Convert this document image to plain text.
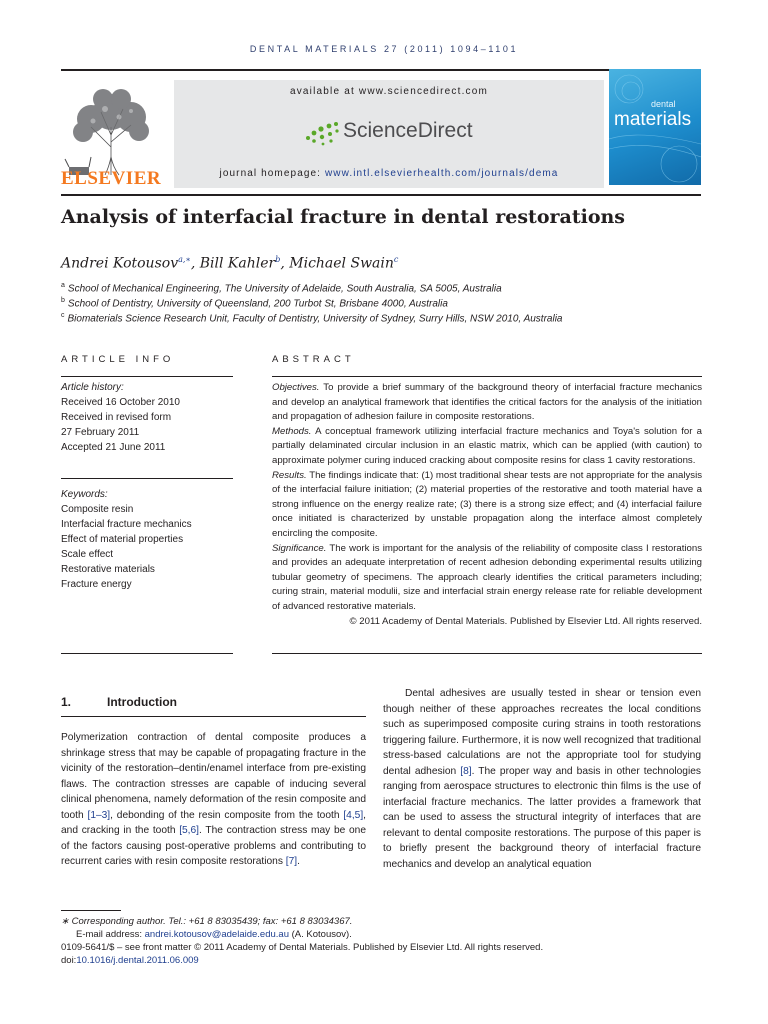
DENTAL MATERIALS 27 (2011) 1094–1101
ELSEVIER
available at www.sciencedirect.com
ScienceDirect
journal homepage: www.intl.elsevierhealth.com/journals/dema
dental
materials
Analysis of interfacial fracture in dental restorations
Andrei Kotousov$^{a,∗}$, Bill Kahler$^b$, Michael Swain$^c$
$^a$ School of Mechanical Engineering, The University of Adelaide, South Australia, SA 5005, Australia
$^b$ School of Dentistry, University of Queensland, 200 Turbot St, Brisbane 4000, Australia
$^c$ Biomaterials Science Research Unit, Faculty of Dentistry, University of Sydney, Surry Hills, NSW 2010, Australia
ARTICLE INFO
Article history:
Received 16 October 2010
Received in revised form
27 February 2011
Accepted 21 June 2011
Keywords:
Composite resin
Interfacial fracture mechanics
Effect of material properties
Scale effect
Restorative materials
Fracture energy
ABSTRACT

Objectives. To provide a brief summary of the background theory of interfacial fracture mechanics and develop an analytical framework that identifies the critical factors for the analysis of the initiation and propagation of adhesion failure in composite restorations.

Methods. A conceptual framework utilizing interfacial fracture mechanics and Toya's solution for a partially delaminated circular inclusion in an elastic matrix, which can be applied (with caution) to approximate polymer curing induced cracking about composite resins for class 1 cavity restorations.

Results. The findings indicate that: (1) most traditional shear tests are not appropriate for the analysis of the interfacial failure initiation; (2) material properties of the restorative and tooth material have a strong influence on the energy realize rate; (3) there is a strong size effect; and (4) interfacial failure once initiated is characterized by unstable propagation along the interface almost completely encircling the composite.

Significance. The work is important for the analysis of the reliability of composite class I restorations and provides an adequate interpretation of recent adhesion debonding experimental results utilizing tubular geometry of specimens. The approach clearly identifies the critical parameters including; curing strain, material modulii, size and interfacial strain energy release rate for reliable development of advanced restorative materials.

© 2011 Academy of Dental Materials. Published by Elsevier Ltd. All rights reserved.

1.	Introduction
Polymerization contraction of dental composite produces a shrinkage stress that may be capable of propagating fracture in the vicinity of the restoration–dentin/enamel interface from pre-existing flaws. The contraction stresses are capable of inducing several clinical phenomena, namely deformation of the resin composite and tooth [1–3], debonding of the resin composite from the tooth [4,5], and cracking in the tooth [5,6]. The contraction stress may be one of the factors causing post-operative problems and contributing to recurrent caries with resin composite restorations [7].
Dental adhesives are usually tested in shear or tension even though neither of these approaches recreates the local conditions such as superimposed composite curing strains in tooth restorations triggering failure. Furthermore, it is now well recognized that traditional stress-based calculations are not the appropriate tool for studying dental adhesion [8]. The proper way and basis in other technologies ranging from aerospace structures to electronic thin films is the use of interfacial fracture mechanics. The latter provides a framework that can be used to assess the structural integrity of interfaces that are relevant to dental composite restorations. The purpose of this paper is to briefly present the background theory of interfacial fracture mechanics and develop an analytical equation
∗ Corresponding author. Tel.: +61 8 83035439; fax: +61 8 83034367.
E-mail address: andrei.kotousov@adelaide.edu.au (A. Kotousov).
0109-5641/$ – see front matter © 2011 Academy of Dental Materials. Published by Elsevier Ltd. All rights reserved.
doi:10.1016/j.dental.2011.06.009
